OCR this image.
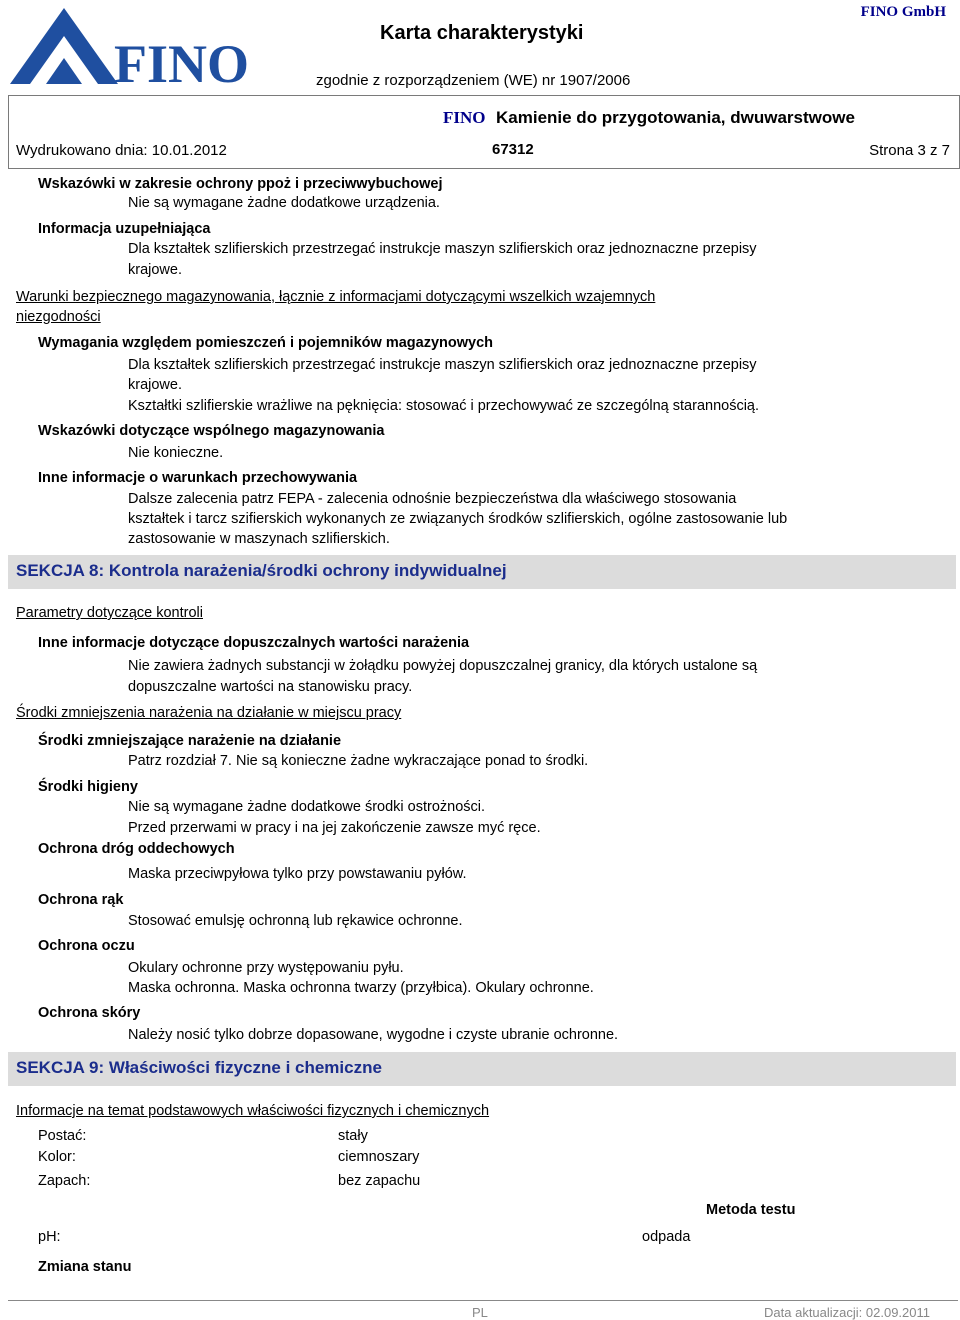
FINO
Karta charakterystyki
FINO GmbH
zgodnie z rozporządzeniem (WE) nr 1907/2006
FINO Kamienie do przygotowania, dwuwarstwowe
Wydrukowano dnia: 10.01.2012	67312	Strona 3 z 7
Wskazówki w zakresie ochrony ppoż i przeciwwybuchowej
Nie są wymagane żadne dodatkowe urządzenia.
Informacja uzupełniająca
Dla kształtek szlifierskich przestrzegać instrukcje maszyn szlifierskich oraz jednoznaczne przepisy
krajowe.
Warunki bezpiecznego magazynowania, łącznie z informacjami dotyczącymi wszelkich wzajemnych
niezgodności
Wymagania względem pomieszczeń i pojemników magazynowych
Dla kształtek szlifierskich przestrzegać instrukcje maszyn szlifierskich oraz jednoznaczne przepisy
krajowe.
Kształtki szlifierskie wrażliwe na pęknięcia: stosować i przechowywać ze szczególną starannością.
Wskazówki dotyczące wspólnego magazynowania
Nie konieczne.
Inne informacje o warunkach przechowywania
Dalsze zalecenia patrz FEPA - zalecenia odnośnie bezpieczeństwa dla właściwego stosowania
kształtek i tarcz szifierskich wykonanych ze związanych środków szlifierskich, ogólne zastosowanie lub
zastosowanie w maszynach szlifierskich.
SEKCJA 8: Kontrola narażenia/środki ochrony indywidualnej
Parametry dotyczące kontroli
Inne informacje dotyczące dopuszczalnych wartości narażenia
Nie zawiera żadnych substancji w żołądku powyżej dopuszczalnej granicy, dla których ustalone są
dopuszczalne wartości na stanowisku pracy.
Środki zmniejszenia narażenia na działanie w miejscu pracy
Środki zmniejszające narażenie na działanie
Patrz rozdział 7. Nie są konieczne żadne wykraczające ponad to środki.
Środki higieny
Nie są wymagane żadne dodatkowe środki ostrożności.
Przed przerwami w pracy i na jej zakończenie zawsze myć ręce.
Ochrona dróg oddechowych
Maska przeciwpyłowa tylko przy powstawaniu pyłów.
Ochrona rąk
Stosować emulsję ochronną lub rękawice ochronne.
Ochrona oczu
Okulary ochronne przy występowaniu pyłu.
Maska ochronna. Maska ochronna twarzy (przyłbica). Okulary ochronne.
Ochrona skóry
Należy nosić tylko dobrze dopasowane, wygodne i czyste ubranie ochronne.
SEKCJA 9: Właściwości fizyczne i chemiczne
Informacje na temat podstawowych właściwości fizycznych i chemicznych
Postać:	stały
Kolor:	ciemnoszary
Zapach:	bez zapachu
Metoda testu
pH:	odpada
Zmiana stanu
PL	Data aktualizacji: 02.09.2011
